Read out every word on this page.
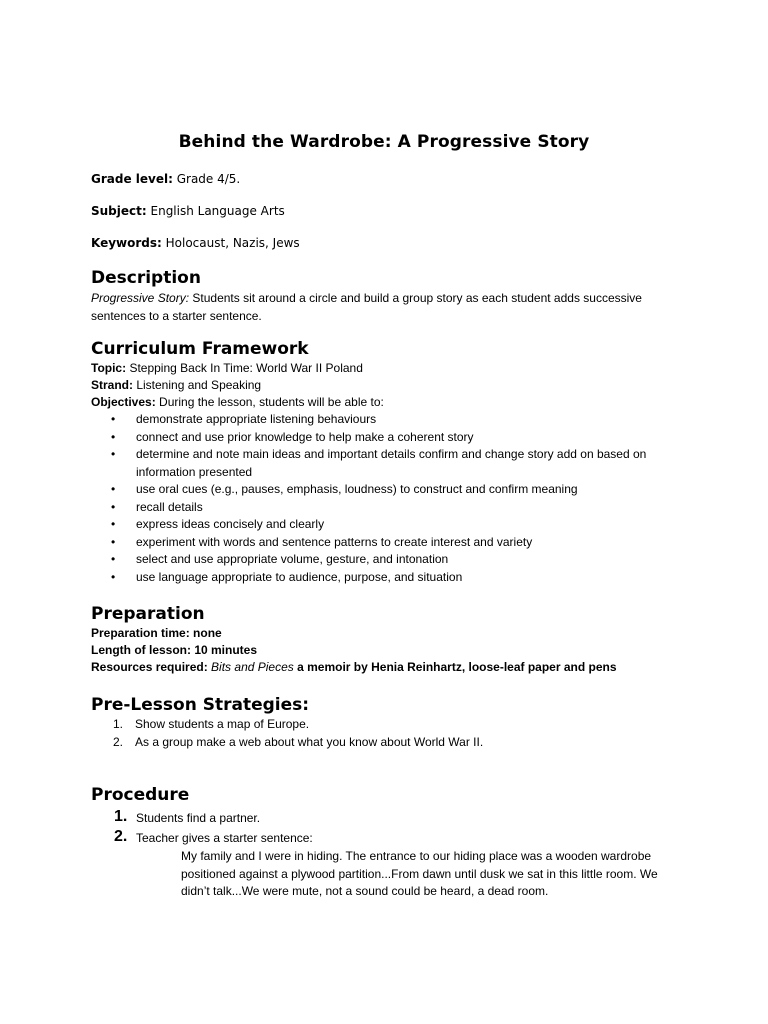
Behind the Wardrobe: A Progressive Story
Grade level: Grade 4/5.
Subject: English Language Arts
Keywords: Holocaust, Nazis, Jews
Description
Progressive Story: Students sit around a circle and build a group story as each student adds successive sentences to a starter sentence.
Curriculum Framework
Topic: Stepping Back In Time: World War II Poland
Strand: Listening and Speaking
Objectives: During the lesson, students will be able to:
• demonstrate appropriate listening behaviours
• connect and use prior knowledge to help make a coherent story
• determine and note main ideas and important details confirm and change story add on based on information presented
• use oral cues (e.g., pauses, emphasis, loudness) to construct and confirm meaning
• recall details
• express ideas concisely and clearly
• experiment with words and sentence patterns to create interest and variety
• select and use appropriate volume, gesture, and intonation
• use language appropriate to audience, purpose, and situation
Preparation
Preparation time: none
Length of lesson: 10 minutes
Resources required: Bits and Pieces a memoir by Henia Reinhartz, loose-leaf paper and pens
Pre-Lesson Strategies:
1. Show students a map of Europe.
2. As a group make a web about what you know about World War II.
Procedure
1. Students find a partner.
2. Teacher gives a starter sentence:
My family and I were in hiding. The entrance to our hiding place was a wooden wardrobe positioned against a plywood partition...From dawn until dusk we sat in this little room. We didn’t talk...We were mute, not a sound could be heard, a dead room.
